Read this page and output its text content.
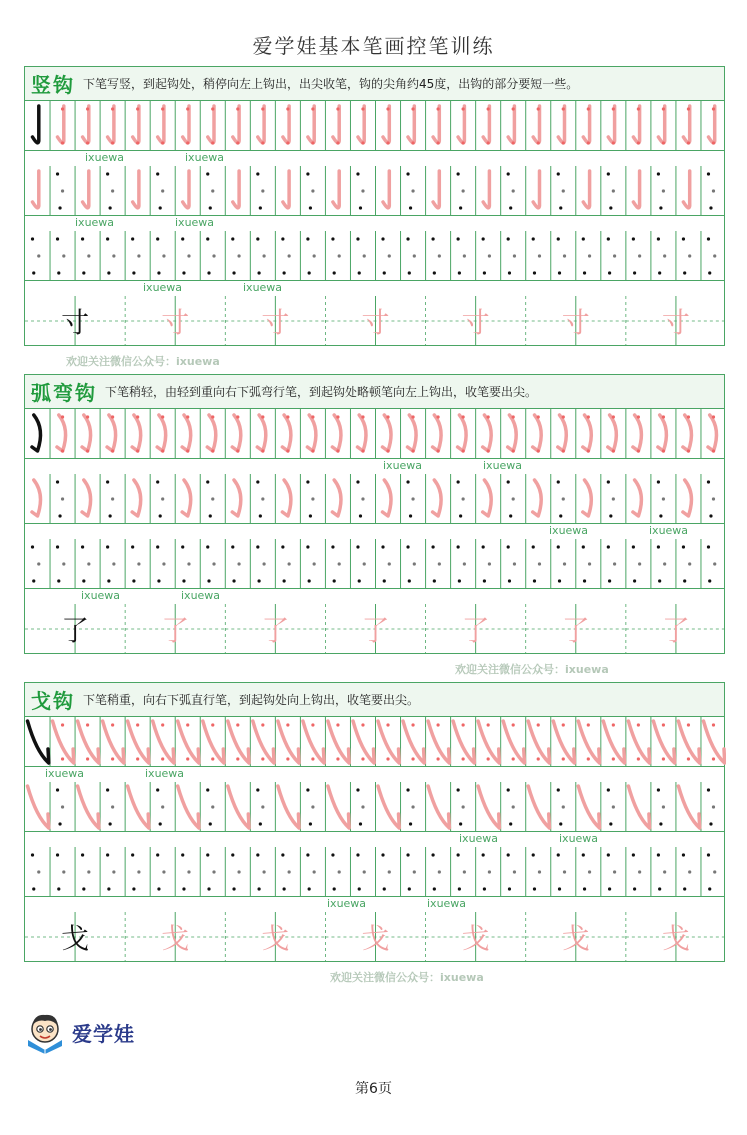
爱学娃基本笔画控笔训练
竖钩 下笔写竖，到起钩处，稍停向左上钩出，出尖收笔，钩的尖角约45度，出钩的部分要短一些。
ixuewa	ixuewa
ixuewa	ixuewa
ixuewa	ixuewa
寸	寸	寸	寸	寸	寸	寸
欢迎关注微信公众号：ixuewa
弧弯钩 下笔稍轻，由轻到重向右下弧弯行笔，到起钩处略顿笔向左上钩出，收笔要出尖。
ixuewa	ixuewa
ixuewa	ixuewa
ixuewa	ixuewa
了	了	了	了	了	了	了
欢迎关注微信公众号：ixuewa
戈钩 下笔稍重，向右下弧直行笔，到起钩处向上钩出，收笔要出尖。
ixuewa	ixuewa
ixuewa	ixuewa
ixuewa	ixuewa
戈	戈	戈	戈	戈	戈	戈
欢迎关注微信公众号：ixuewa
爱学娃
第6页
